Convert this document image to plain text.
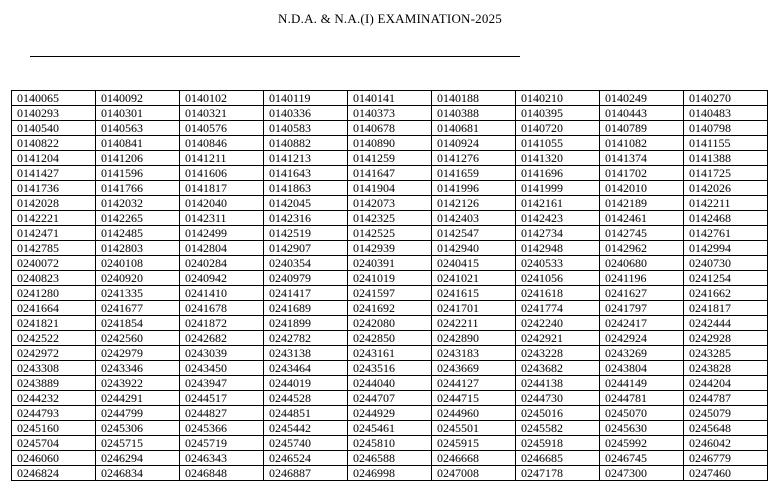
N.D.A. & N.A.(I) EXAMINATION-2025
0140065	0140092	0140102	0140119	0140141	0140188	0140210	0140249	0140270
0140293	0140301	0140321	0140336	0140373	0140388	0140395	0140443	0140483
0140540	0140563	0140576	0140583	0140678	0140681	0140720	0140789	0140798
0140822	0140841	0140846	0140882	0140890	0140924	0141055	0141082	0141155
0141204	0141206	0141211	0141213	0141259	0141276	0141320	0141374	0141388
0141427	0141596	0141606	0141643	0141647	0141659	0141696	0141702	0141725
0141736	0141766	0141817	0141863	0141904	0141996	0141999	0142010	0142026
0142028	0142032	0142040	0142045	0142073	0142126	0142161	0142189	0142211
0142221	0142265	0142311	0142316	0142325	0142403	0142423	0142461	0142468
0142471	0142485	0142499	0142519	0142525	0142547	0142734	0142745	0142761
0142785	0142803	0142804	0142907	0142939	0142940	0142948	0142962	0142994
0240072	0240108	0240284	0240354	0240391	0240415	0240533	0240680	0240730
0240823	0240920	0240942	0240979	0241019	0241021	0241056	0241196	0241254
0241280	0241335	0241410	0241417	0241597	0241615	0241618	0241627	0241662
0241664	0241677	0241678	0241689	0241692	0241701	0241774	0241797	0241817
0241821	0241854	0241872	0241899	0242080	0242211	0242240	0242417	0242444
0242522	0242560	0242682	0242782	0242850	0242890	0242921	0242924	0242928
0242972	0242979	0243039	0243138	0243161	0243183	0243228	0243269	0243285
0243308	0243346	0243450	0243464	0243516	0243669	0243682	0243804	0243828
0243889	0243922	0243947	0244019	0244040	0244127	0244138	0244149	0244204
0244232	0244291	0244517	0244528	0244707	0244715	0244730	0244781	0244787
0244793	0244799	0244827	0244851	0244929	0244960	0245016	0245070	0245079
0245160	0245306	0245366	0245442	0245461	0245501	0245582	0245630	0245648
0245704	0245715	0245719	0245740	0245810	0245915	0245918	0245992	0246042
0246060	0246294	0246343	0246524	0246588	0246668	0246685	0246745	0246779
0246824	0246834	0246848	0246887	0246998	0247008	0247178	0247300	0247460
